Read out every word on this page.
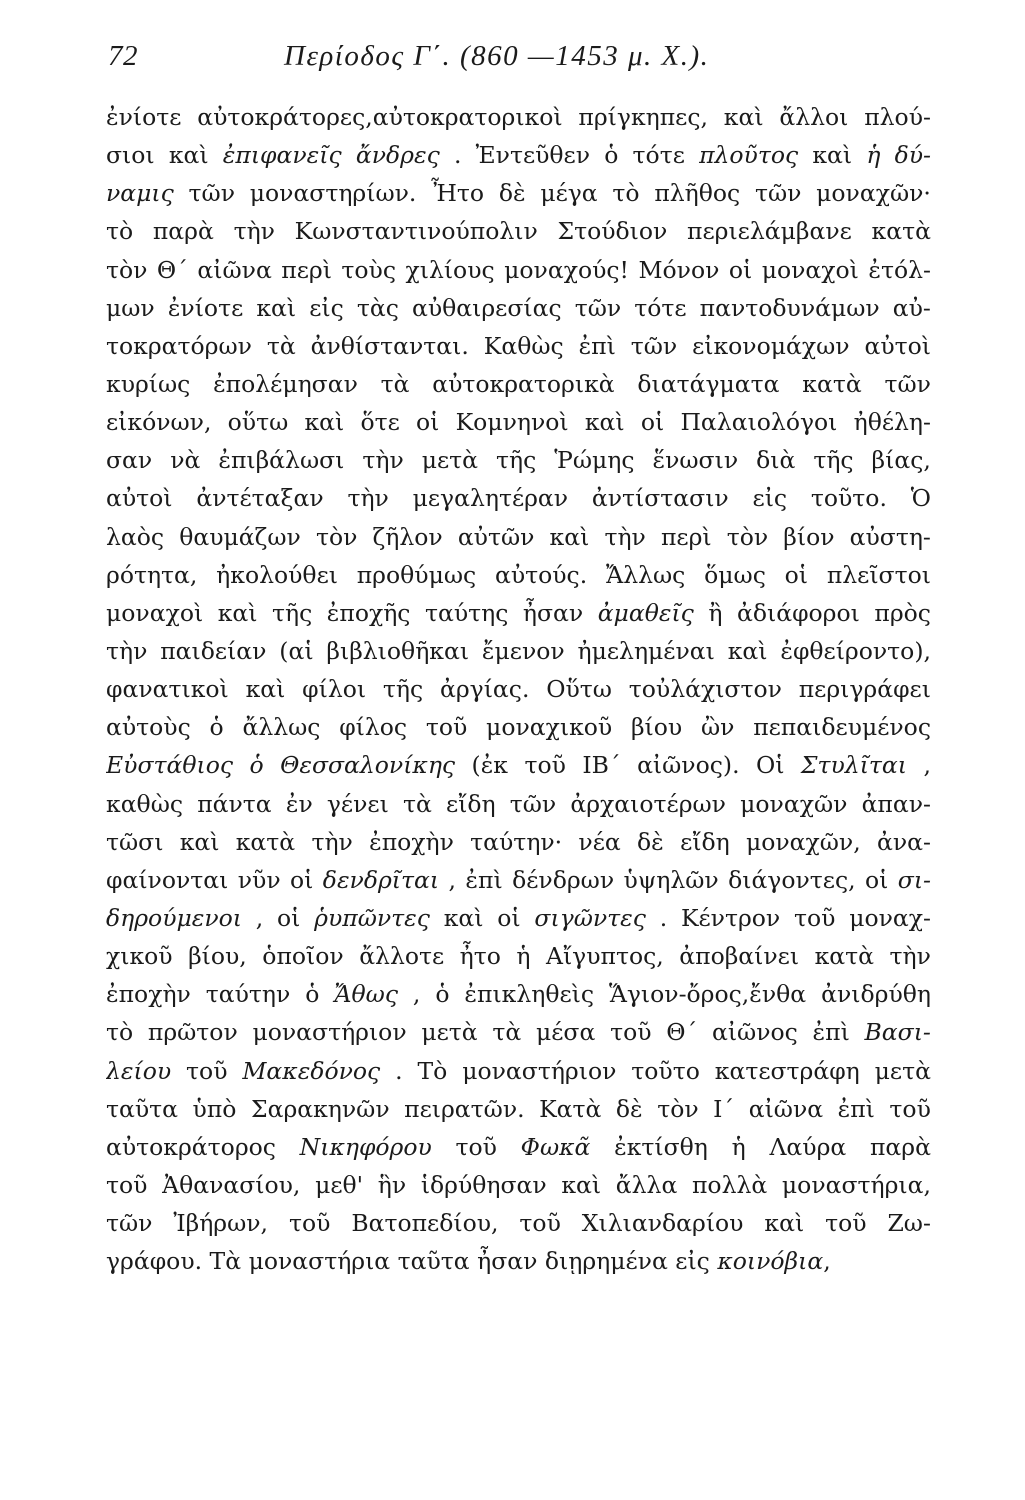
72	Περίοδος Γ΄. (860 —1453 μ. Χ.).
ἐνίοτε αὐτοκράτορες,αὐτοκρατορικοὶ πρίγκηπες, καὶ ἄλλοι πλού-
σιοι καὶ ἐπιφανεῖς ἄνδρες . Ἐντεῦθεν ὁ τότε πλοῦτος καὶ ἡ δύ-
ναμις τῶν μοναστηρίων. Ἦτο δὲ μέγα τὸ πλῆθος τῶν μοναχῶν·
τὸ παρὰ τὴν Κωνσταντινούπολιν Στούδιον περιελάμβανε κατὰ
τὸν Θ΄ αἰῶνα περὶ τοὺς χιλίους μοναχούς! Μόνον οἱ μοναχοὶ ἐτόλ-
μων ἐνίοτε καὶ εἰς τὰς αὐθαιρεσίας τῶν τότε παντοδυνάμων αὐ-
τοκρατόρων τὰ ἀνθίστανται. Καθὼς ἐπὶ τῶν εἰκονομάχων αὐτοὶ
κυρίως ἐπολέμησαν τὰ αὐτοκρατορικὰ διατάγματα κατὰ τῶν
εἰκόνων, οὕτω καὶ ὅτε οἱ Κομνηνοὶ καὶ οἱ Παλαιολόγοι ἠθέλη-
σαν νὰ ἐπιβάλωσι τὴν μετὰ τῆς Ῥώμης ἕνωσιν διὰ τῆς βίας,
αὐτοὶ ἀντέταξαν τὴν μεγαλητέραν ἀντίστασιν εἰς τοῦτο. Ὁ
λαὸς θαυμάζων τὸν ζῆλον αὐτῶν καὶ τὴν περὶ τὸν βίον αὐστη-
ρότητα, ἠκολούθει προθύμως αὐτούς. Ἄλλως ὅμως οἱ πλεῖστοι
μοναχοὶ καὶ τῆς ἐποχῆς ταύτης ἦσαν ἀμαθεῖς ἢ ἀδιάφοροι πρὸς
τὴν παιδείαν (αἱ βιβλιοθῆκαι ἔμενον ἠμελημέναι καὶ ἐφθείροντο),
φανατικοὶ καὶ φίλοι τῆς ἀργίας. Οὕτω τοὐλάχιστον περιγράφει
αὐτοὺς ὁ ἄλλως φίλος τοῦ μοναχικοῦ βίου ὢν πεπαιδευμένος
Εὐστάθιος ὁ Θεσσαλονίκης (ἐκ τοῦ ΙΒ΄ αἰῶνος). Οἱ Στυλῖται ,
καθὼς πάντα ἐν γένει τὰ εἴδη τῶν ἀρχαιοτέρων μοναχῶν ἀπαν-
τῶσι καὶ κατὰ τὴν ἐποχὴν ταύτην· νέα δὲ εἴδη μοναχῶν, ἀνα-
φαίνονται νῦν οἱ δενδρῖται , ἐπὶ δένδρων ὑψηλῶν διάγοντες, οἱ σι-
δηρούμενοι , οἱ ῥυπῶντες καὶ οἱ σιγῶντες . Κέντρον τοῦ μοναχ-
χικοῦ βίου, ὁποῖον ἄλλοτε ἦτο ἡ Αἴγυπτος, ἀποβαίνει κατὰ τὴν
ἐποχὴν ταύτην ὁ Ἄθως , ὁ ἐπικληθεὶς Ἅγιον-ὄρος,ἔνθα ἀνιδρύθη
τὸ πρῶτον μοναστήριον μετὰ τὰ μέσα τοῦ Θ΄ αἰῶνος ἐπὶ Βασι-
λείου τοῦ Μακεδόνος . Τὸ μοναστήριον τοῦτο κατεστράφη μετὰ
ταῦτα ὑπὸ Σαρακηνῶν πειρατῶν. Κατὰ δὲ τὸν Ι΄ αἰῶνα ἐπὶ τοῦ
αὐτοκράτορος Νικηφόρου τοῦ Φωκᾶ ἐκτίσθη ἡ Λαύρα παρὰ
τοῦ Ἀθανασίου, μεθ' ἣν ἱδρύθησαν καὶ ἄλλα πολλὰ μοναστήρια,
τῶν Ἰβήρων, τοῦ Βατοπεδίου, τοῦ Χιλιανδαρίου καὶ τοῦ Ζω-
γράφου. Τὰ μοναστήρια ταῦτα ἦσαν διῃρημένα εἰς κοινόβια ,
